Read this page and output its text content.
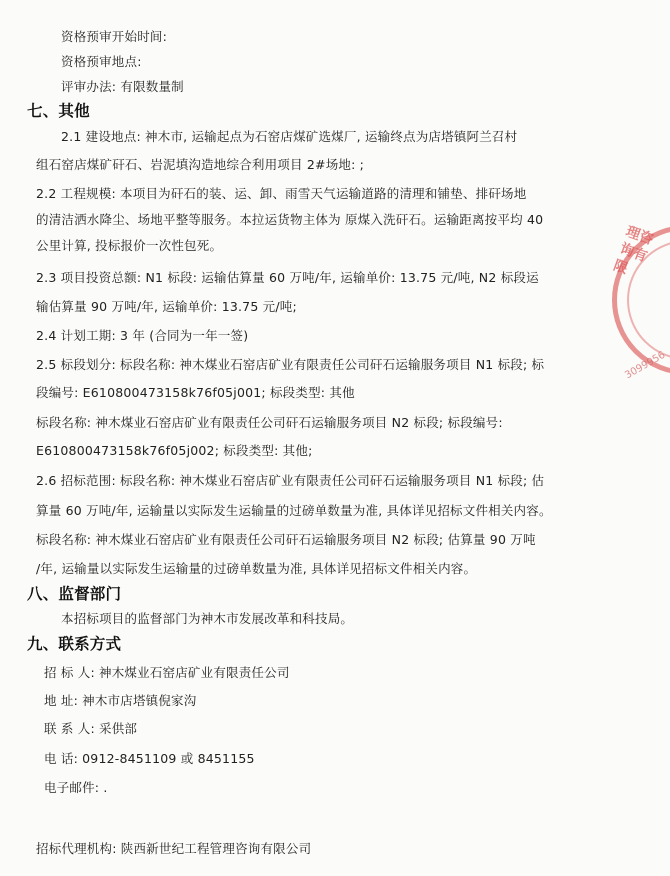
资格预审开始时间:
资格预审地点:
评审办法: 有限数量制
七、其他
2.1 建设地点: 神木市, 运输起点为石窑店煤矿选煤厂, 运输终点为店塔镇阿兰召村
组石窑店煤矿矸石、岩泥填沟造地综合利用项目 2#场地: ;
2.2 工程规模: 本项目为矸石的装、运、卸、雨雪天气运输道路的清理和铺垫、排矸场地
的清洁洒水降尘、场地平整等服务。本拉运货物主体为 原煤入洗矸石。运输距离按平均 40
公里计算, 投标报价一次性包死。
2.3 项目投资总额: N1 标段: 运输估算量 60 万吨/年, 运输单价: 13.75 元/吨, N2 标段运
输估算量 90 万吨/年, 运输单价: 13.75 元/吨;
2.4 计划工期: 3 年 (合同为一年一签)
2.5 标段划分: 标段名称: 神木煤业石窑店矿业有限责任公司矸石运输服务项目 N1 标段; 标
段编号: E610800473158k76f05j001; 标段类型: 其他
标段名称: 神木煤业石窑店矿业有限责任公司矸石运输服务项目 N2 标段; 标段编号:
E610800473158k76f05j002; 标段类型: 其他;
2.6 招标范围: 标段名称: 神木煤业石窑店矿业有限责任公司矸石运输服务项目 N1 标段; 估
算量 60 万吨/年, 运输量以实际发生运输量的过磅单数量为准, 具体详见招标文件相关内容。
标段名称: 神木煤业石窑店矿业有限责任公司矸石运输服务项目 N2 标段; 估算量 90 万吨
/年, 运输量以实际发生运输量的过磅单数量为准, 具体详见招标文件相关内容。
八、监督部门
本招标项目的监督部门为神木市发展改革和科技局。
九、联系方式
招 标 人: 神木煤业石窑店矿业有限责任公司
地 址: 神木市店塔镇倪家沟
联 系 人: 采供部
电 话: 0912-8451109 或 8451155
电子邮件: .
招标代理机构: 陕西新世纪工程管理咨询有限公司
理咨询有限
3099956
